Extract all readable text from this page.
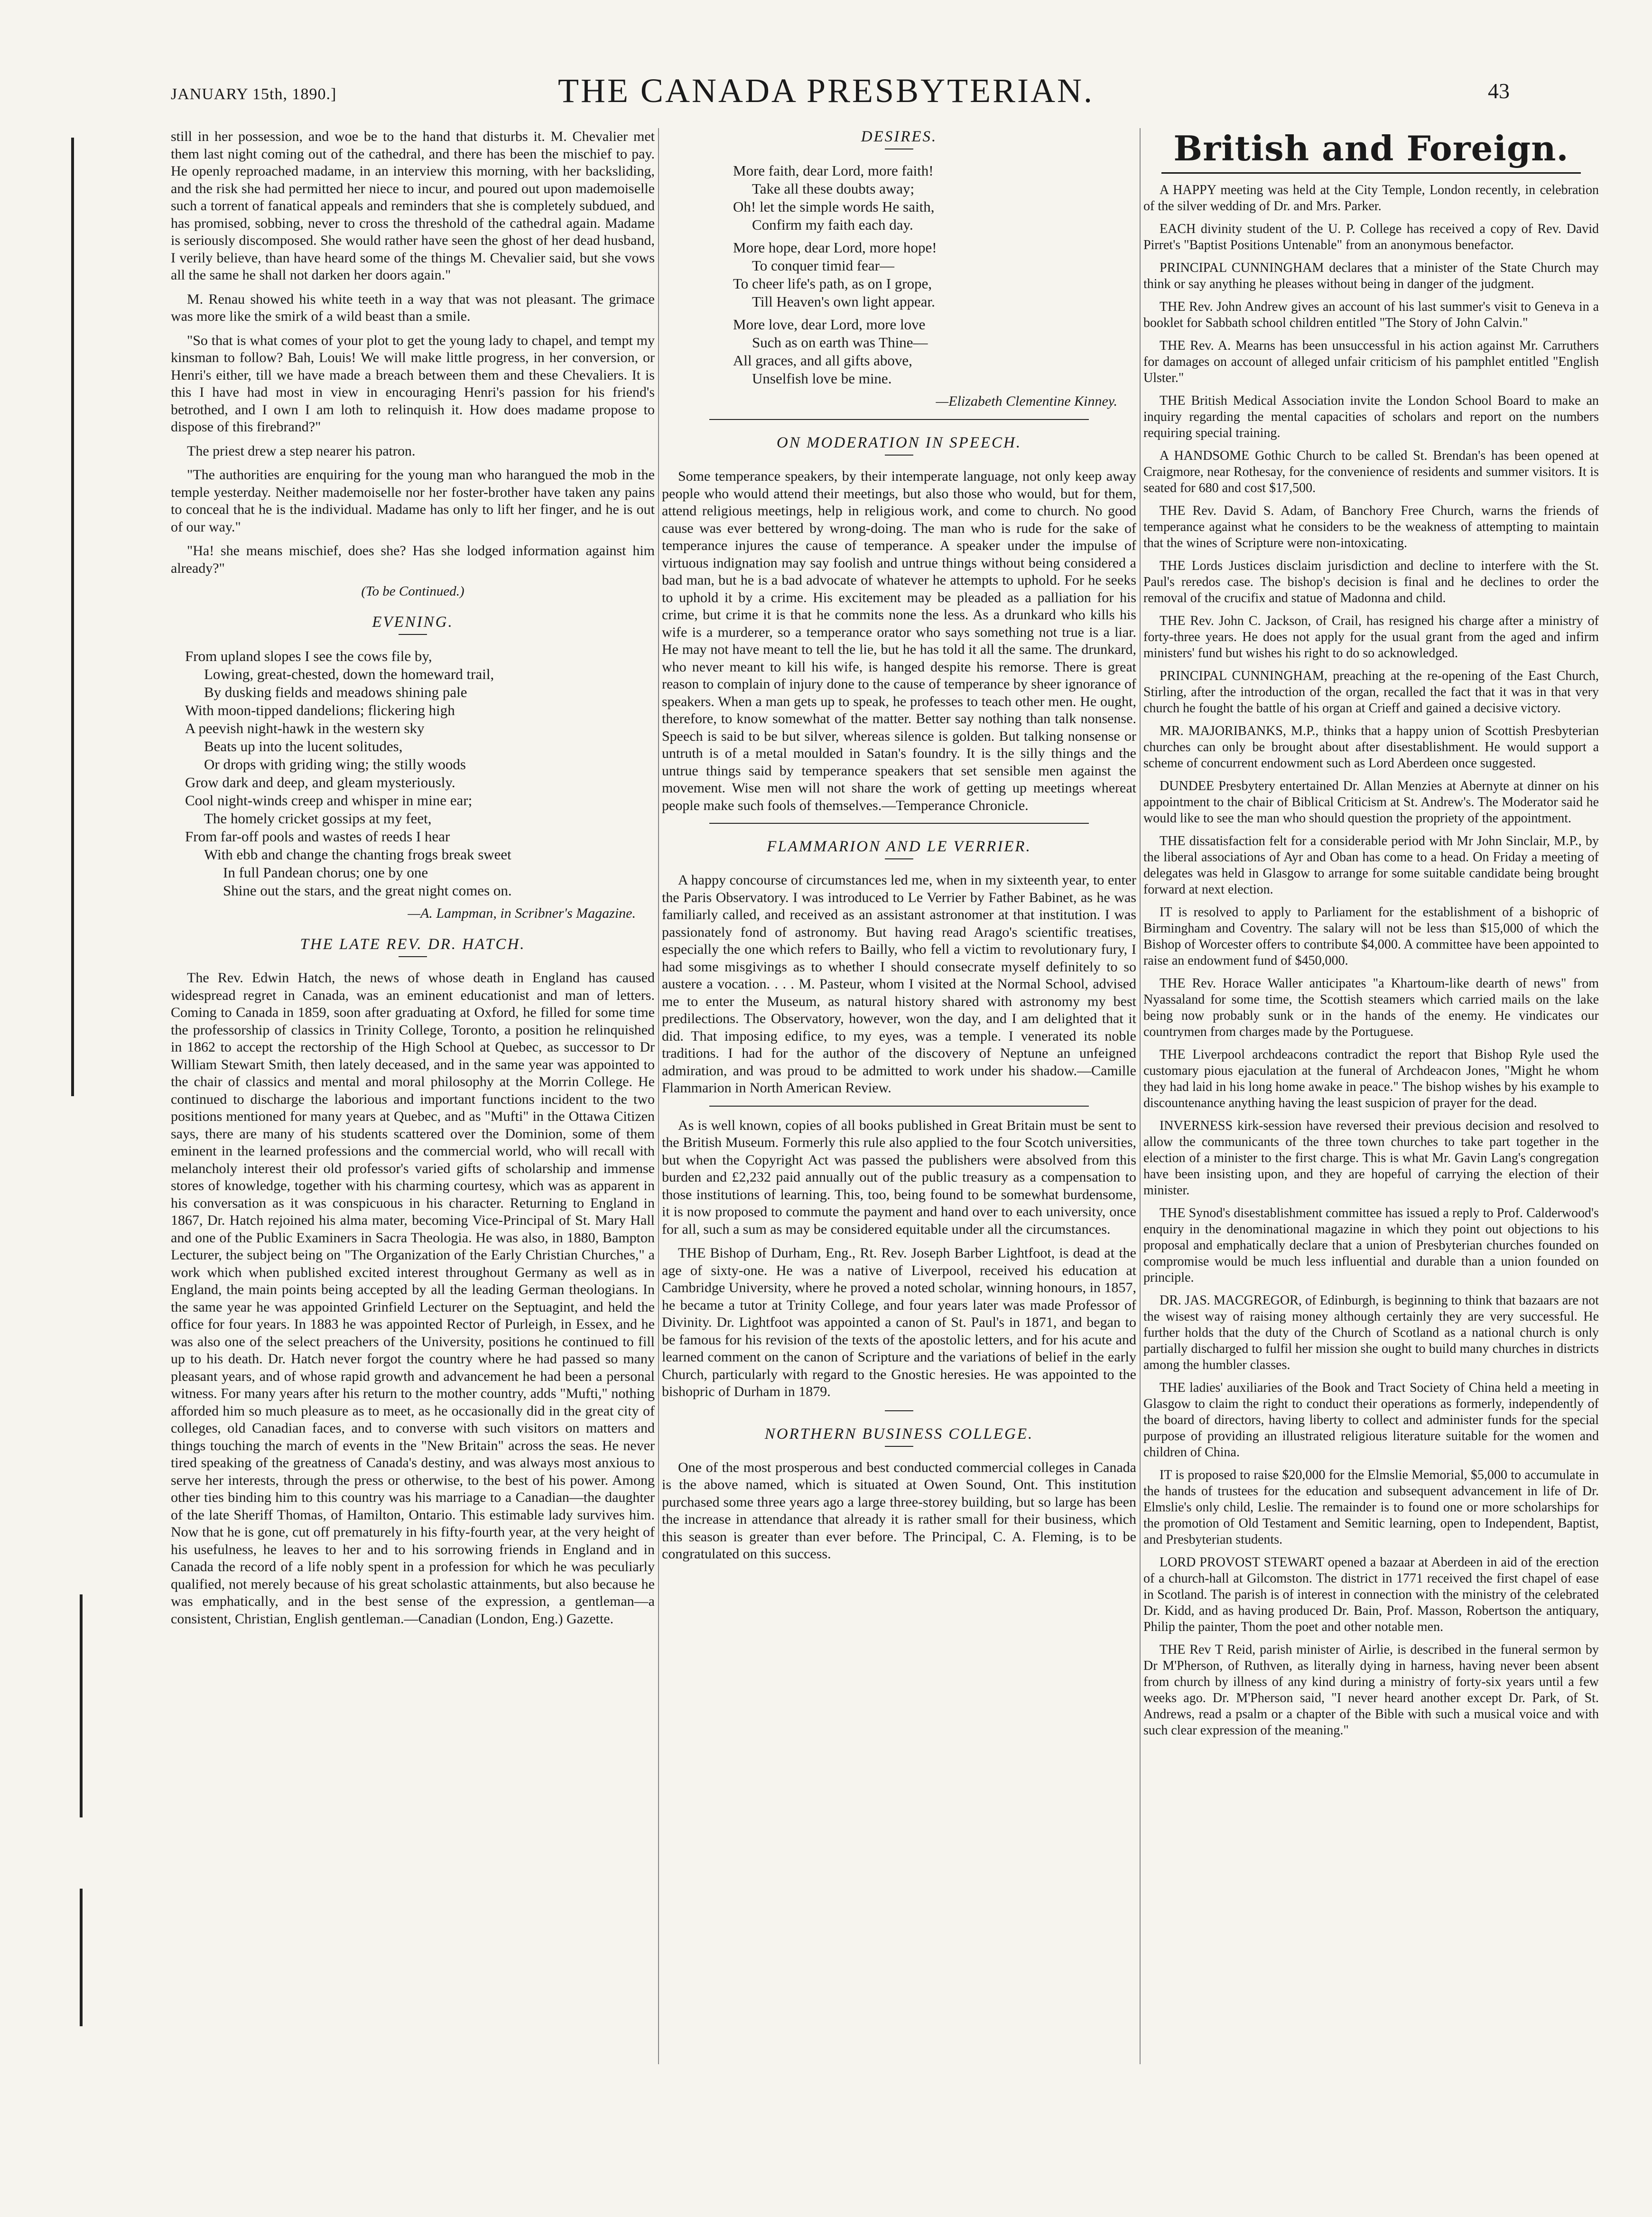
JANUARY 15th, 1890.]	THE CANADA PRESBYTERIAN.	43

still in her possession, and woe be to the hand that disturbs it. M. Chevalier met them last night coming out of the cathedral, and there has been the mischief to pay. He openly reproached madame, in an interview this morning, with her backsliding, and the risk she had permitted her niece to incur, and poured out upon mademoiselle such a torrent of fanatical appeals and reminders that she is completely subdued, and has promised, sobbing, never to cross the threshold of the cathedral again. Madame is seriously discomposed. She would rather have seen the ghost of her dead husband, I verily believe, than have heard some of the things M. Chevalier said, but she vows all the same he shall not darken her doors again."

M. Renau showed his white teeth in a way that was not pleasant. The grimace was more like the smirk of a wild beast than a smile.

"So that is what comes of your plot to get the young lady to chapel, and tempt my kinsman to follow? Bah, Louis! We will make little progress, in her conversion, or Henri's either, till we have made a breach between them and these Chevaliers. It is this I have had most in view in encouraging Henri's passion for his friend's betrothed, and I own I am loth to relinquish it. How does madame propose to dispose of this firebrand?"

The priest drew a step nearer his patron.

"The authorities are enquiring for the young man who harangued the mob in the temple yesterday. Neither mademoiselle nor her foster-brother have taken any pains to conceal that he is the individual. Madame has only to lift her finger, and he is out of our way."

"Ha! she means mischief, does she? Has she lodged information against him already?"

(To be Continued.)
EVENING.
From upland slopes I see the cows file by,
Lowing, great-chested, down the homeward trail,
By dusking fields and meadows shining pale
With moon-tipped dandelions; flickering high
A peevish night-hawk in the western sky
Beats up into the lucent solitudes,
Or drops with griding wing; the stilly woods
Grow dark and deep, and gleam mysteriously.
Cool night-winds creep and whisper in mine ear;
The homely cricket gossips at my feet,
From far-off pools and wastes of reeds I hear
With ebb and change the chanting frogs break sweet
In full Pandean chorus; one by one
Shine out the stars, and the great night comes on.
—A. Lampman, in Scribner's Magazine.
THE LATE REV. DR. HATCH.

The Rev. Edwin Hatch, the news of whose death in England has caused widespread regret in Canada, was an eminent educationist and man of letters. Coming to Canada in 1859, soon after graduating at Oxford, he filled for some time the professorship of classics in Trinity College, Toronto, a position he relinquished in 1862 to accept the rectorship of the High School at Quebec, as successor to Dr William Stewart Smith, then lately deceased, and in the same year was appointed to the chair of classics and mental and moral philosophy at the Morrin College. He continued to discharge the laborious and important functions incident to the two positions mentioned for many years at Quebec, and as "Mufti" in the Ottawa Citizen says, there are many of his students scattered over the Dominion, some of them eminent in the learned professions and the commercial world, who will recall with melancholy interest their old professor's varied gifts of scholarship and immense stores of knowledge, together with his charming courtesy, which was as apparent in his conversation as it was conspicuous in his character. Returning to England in 1867, Dr. Hatch rejoined his alma mater, becoming Vice-Principal of St. Mary Hall and one of the Public Examiners in Sacra Theologia. He was also, in 1880, Bampton Lecturer, the subject being on "The Organization of the Early Christian Churches," a work which when published excited interest throughout Germany as well as in England, the main points being accepted by all the leading German theologians. In the same year he was appointed Grinfield Lecturer on the Septuagint, and held the office for four years. In 1883 he was appointed Rector of Purleigh, in Essex, and he was also one of the select preachers of the University, positions he continued to fill up to his death. Dr. Hatch never forgot the country where he had passed so many pleasant years, and of whose rapid growth and advancement he had been a personal witness. For many years after his return to the mother country, adds "Mufti," nothing afforded him so much pleasure as to meet, as he occasionally did in the great city of colleges, old Canadian faces, and to converse with such visitors on matters and things touching the march of events in the "New Britain" across the seas. He never tired speaking of the greatness of Canada's destiny, and was always most anxious to serve her interests, through the press or otherwise, to the best of his power. Among other ties binding him to this country was his marriage to a Canadian—the daughter of the late Sheriff Thomas, of Hamilton, Ontario. This estimable lady survives him. Now that he is gone, cut off prematurely in his fifty-fourth year, at the very height of his usefulness, he leaves to her and to his sorrowing friends in England and in Canada the record of a life nobly spent in a profession for which he was peculiarly qualified, not merely because of his great scholastic attainments, but also because he was emphatically, and in the best sense of the expression, a gentleman—a consistent, Christian, English gentleman.—Canadian (London, Eng.) Gazette.

DESIRES.
More faith, dear Lord, more faith!
Take all these doubts away;
Oh! let the simple words He saith,
Confirm my faith each day.
More hope, dear Lord, more hope!
To conquer timid fear—
To cheer life's path, as on I grope,
Till Heaven's own light appear.
More love, dear Lord, more love
Such as on earth was Thine—
All graces, and all gifts above,
Unselfish love be mine.
—Elizabeth Clementine Kinney.
ON MODERATION IN SPEECH.

Some temperance speakers, by their intemperate language, not only keep away people who would attend their meetings, but also those who would, but for them, attend religious meetings, help in religious work, and come to church. No good cause was ever bettered by wrong-doing. The man who is rude for the sake of temperance injures the cause of temperance. A speaker under the impulse of virtuous indignation may say foolish and untrue things without being considered a bad man, but he is a bad advocate of whatever he attempts to uphold. For he seeks to uphold it by a crime. His excitement may be pleaded as a palliation for his crime, but crime it is that he commits none the less. As a drunkard who kills his wife is a murderer, so a temperance orator who says something not true is a liar. He may not have meant to tell the lie, but he has told it all the same. The drunkard, who never meant to kill his wife, is hanged despite his remorse. There is great reason to complain of injury done to the cause of temperance by sheer ignorance of speakers. When a man gets up to speak, he professes to teach other men. He ought, therefore, to know somewhat of the matter. Better say nothing than talk nonsense. Speech is said to be but silver, whereas silence is golden. But talking nonsense or untruth is of a metal moulded in Satan's foundry. It is the silly things and the untrue things said by temperance speakers that set sensible men against the movement. Wise men will not share the work of getting up meetings whereat people make such fools of themselves.—Temperance Chronicle.

FLAMMARION AND LE VERRIER.

A happy concourse of circumstances led me, when in my sixteenth year, to enter the Paris Observatory. I was introduced to Le Verrier by Father Babinet, as he was familiarly called, and received as an assistant astronomer at that institution. I was passionately fond of astronomy. But having read Arago's scientific treatises, especially the one which refers to Bailly, who fell a victim to revolutionary fury, I had some misgivings as to whether I should consecrate myself definitely to so austere a vocation. . . . M. Pasteur, whom I visited at the Normal School, advised me to enter the Museum, as natural history shared with astronomy my best predilections. The Observatory, however, won the day, and I am delighted that it did. That imposing edifice, to my eyes, was a temple. I venerated its noble traditions. I had for the author of the discovery of Neptune an unfeigned admiration, and was proud to be admitted to work under his shadow.—Camille Flammarion in North American Review.

As is well known, copies of all books published in Great Britain must be sent to the British Museum. Formerly this rule also applied to the four Scotch universities, but when the Copyright Act was passed the publishers were absolved from this burden and £2,232 paid annually out of the public treasury as a compensation to those institutions of learning. This, too, being found to be somewhat burdensome, it is now proposed to commute the payment and hand over to each university, once for all, such a sum as may be considered equitable under all the circumstances.

THE Bishop of Durham, Eng., Rt. Rev. Joseph Barber Lightfoot, is dead at the age of sixty-one. He was a native of Liverpool, received his education at Cambridge University, where he proved a noted scholar, winning honours, in 1857, he became a tutor at Trinity College, and four years later was made Professor of Divinity. Dr. Lightfoot was appointed a canon of St. Paul's in 1871, and began to be famous for his revision of the texts of the apostolic letters, and for his acute and learned comment on the canon of Scripture and the variations of belief in the early Church, particularly with regard to the Gnostic heresies. He was appointed to the bishopric of Durham in 1879.

NORTHERN BUSINESS COLLEGE.

One of the most prosperous and best conducted commercial colleges in Canada is the above named, which is situated at Owen Sound, Ont. This institution purchased some three years ago a large three-storey building, but so large has been the increase in attendance that already it is rather small for their business, which this season is greater than ever before. The Principal, C. A. Fleming, is to be congratulated on this success.

British and Foreign.

A HAPPY meeting was held at the City Temple, London recently, in celebration of the silver wedding of Dr. and Mrs. Parker.

EACH divinity student of the U. P. College has received a copy of Rev. David Pirret's "Baptist Positions Untenable" from an anonymous benefactor.

PRINCIPAL CUNNINGHAM declares that a minister of the State Church may think or say anything he pleases without being in danger of the judgment.

THE Rev. John Andrew gives an account of his last summer's visit to Geneva in a booklet for Sabbath school children entitled "The Story of John Calvin."

THE Rev. A. Mearns has been unsuccessful in his action against Mr. Carruthers for damages on account of alleged unfair criticism of his pamphlet entitled "English Ulster."

THE British Medical Association invite the London School Board to make an inquiry regarding the mental capacities of scholars and report on the numbers requiring special training.

A HANDSOME Gothic Church to be called St. Brendan's has been opened at Craigmore, near Rothesay, for the convenience of residents and summer visitors. It is seated for 680 and cost $17,500.

THE Rev. David S. Adam, of Banchory Free Church, warns the friends of temperance against what he considers to be the weakness of attempting to maintain that the wines of Scripture were non-intoxicating.

THE Lords Justices disclaim jurisdiction and decline to interfere with the St. Paul's reredos case. The bishop's decision is final and he declines to order the removal of the crucifix and statue of Madonna and child.

THE Rev. John C. Jackson, of Crail, has resigned his charge after a ministry of forty-three years. He does not apply for the usual grant from the aged and infirm ministers' fund but wishes his right to do so acknowledged.

PRINCIPAL CUNNINGHAM, preaching at the re-opening of the East Church, Stirling, after the introduction of the organ, recalled the fact that it was in that very church he fought the battle of his organ at Crieff and gained a decisive victory.

MR. MAJORIBANKS, M.P., thinks that a happy union of Scottish Presbyterian churches can only be brought about after disestablishment. He would support a scheme of concurrent endowment such as Lord Aberdeen once suggested.

DUNDEE Presbytery entertained Dr. Allan Menzies at Abernyte at dinner on his appointment to the chair of Biblical Criticism at St. Andrew's. The Moderator said he would like to see the man who should question the propriety of the appointment.

THE dissatisfaction felt for a considerable period with Mr John Sinclair, M.P., by the liberal associations of Ayr and Oban has come to a head. On Friday a meeting of delegates was held in Glasgow to arrange for some suitable candidate being brought forward at next election.

IT is resolved to apply to Parliament for the establishment of a bishopric of Birmingham and Coventry. The salary will not be less than $15,000 of which the Bishop of Worcester offers to contribute $4,000. A committee have been appointed to raise an endowment fund of $450,000.

THE Rev. Horace Waller anticipates "a Khartoum-like dearth of news" from Nyassaland for some time, the Scottish steamers which carried mails on the lake being now probably sunk or in the hands of the enemy. He vindicates our countrymen from charges made by the Portuguese.

THE Liverpool archdeacons contradict the report that Bishop Ryle used the customary pious ejaculation at the funeral of Archdeacon Jones, "Might he whom they had laid in his long home awake in peace." The bishop wishes by his example to discountenance anything having the least suspicion of prayer for the dead.

INVERNESS kirk-session have reversed their previous decision and resolved to allow the communicants of the three town churches to take part together in the election of a minister to the first charge. This is what Mr. Gavin Lang's congregation have been insisting upon, and they are hopeful of carrying the election of their minister.

THE Synod's disestablishment committee has issued a reply to Prof. Calderwood's enquiry in the denominational magazine in which they point out objections to his proposal and emphatically declare that a union of Presbyterian churches founded on compromise would be much less influential and durable than a union founded on principle.

DR. JAS. MACGREGOR, of Edinburgh, is beginning to think that bazaars are not the wisest way of raising money although certainly they are very successful. He further holds that the duty of the Church of Scotland as a national church is only partially discharged to fulfil her mission she ought to build many churches in districts among the humbler classes.

THE ladies' auxiliaries of the Book and Tract Society of China held a meeting in Glasgow to claim the right to conduct their operations as formerly, independently of the board of directors, having liberty to collect and administer funds for the special purpose of providing an illustrated religious literature suitable for the women and children of China.

IT is proposed to raise $20,000 for the Elmslie Memorial, $5,000 to accumulate in the hands of trustees for the education and subsequent advancement in life of Dr. Elmslie's only child, Leslie. The remainder is to found one or more scholarships for the promotion of Old Testament and Semitic learning, open to Independent, Baptist, and Presbyterian students.

LORD PROVOST STEWART opened a bazaar at Aberdeen in aid of the erection of a church-hall at Gilcomston. The district in 1771 received the first chapel of ease in Scotland. The parish is of interest in connection with the ministry of the celebrated Dr. Kidd, and as having produced Dr. Bain, Prof. Masson, Robertson the antiquary, Philip the painter, Thom the poet and other notable men.

THE Rev T Reid, parish minister of Airlie, is described in the funeral sermon by Dr M'Pherson, of Ruthven, as literally dying in harness, having never been absent from church by illness of any kind during a ministry of forty-six years until a few weeks ago. Dr. M'Pherson said, "I never heard another except Dr. Park, of St. Andrews, read a psalm or a chapter of the Bible with such a musical voice and with such clear expression of the meaning."
